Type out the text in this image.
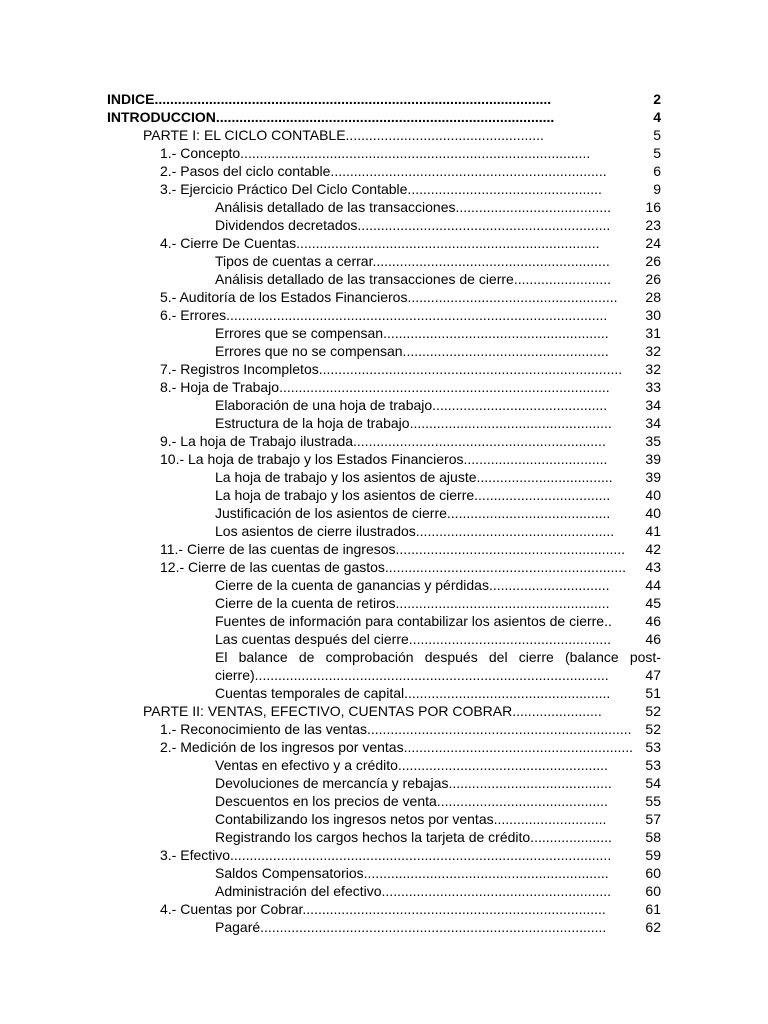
INDICE......................................................................................................	2
INTRODUCCION.......................................................................................	4
PARTE I: EL CICLO CONTABLE...................................................	5
1.- Concepto..........................................................................................	5
2.- Pasos del ciclo contable.......................................................................	6
3.- Ejercicio Práctico Del Ciclo Contable..................................................	9
Análisis detallado de las transacciones........................................ 16
Dividendos decretados.................................................................	23
4.- Cierre De Cuentas..............................................................................	24
Tipos de cuentas a cerrar.............................................................	26
Análisis detallado de las transacciones de cierre......................... 26
5.- Auditoría de los Estados Financieros...................................................... 28
6.- Errores..................................................................................................	30
Errores que se compensan..........................................................	31
Errores que no se compensan.....................................................	32
7.- Registros Incompletos.............................................................................. 32
8.- Hoja de Trabajo.....................................................................................	33
Elaboración de una hoja de trabajo.............................................	34
Estructura de la hoja de trabajo.................................................... 34
9.- La hoja de Trabajo ilustrada.................................................................	35
10.- La hoja de trabajo y los Estados Financieros.....................................	39
La hoja de trabajo y los asientos de ajuste................................... 39
La hoja de trabajo y los asientos de cierre...................................	40
Justificación de los asientos de cierre..........................................	40
Los asientos de cierre ilustrados................................................... 41
11.- Cierre de las cuentas de ingresos........................................................... 42
12.- Cierre de las cuentas de gastos.............................................................. 43
Cierre de la cuenta de ganancias y pérdidas...............................	44
Cierre de la cuenta de retiros.......................................................	45
Fuentes de información para contabilizar los asientos de cierre.. 46
Las cuentas después del cierre.................................................... 46
El balance de comprobación después del cierre (balance post-
cierre)...........................................................................................	47
Cuentas temporales de capital.....................................................	51
PARTE II: VENTAS, EFECTIVO, CUENTAS POR COBRAR.......................	52
1.- Reconocimiento de las ventas.................................................................... 52
2.- Medición de los ingresos por ventas........................................................... 53
Ventas en efectivo y a crédito......................................................	53
Devoluciones de mercancía y rebajas.......................................... 54
Descuentos en los precios de venta............................................	55
Contabilizando los ingresos netos por ventas.............................	57
Registrando los cargos hechos la tarjeta de crédito..................... 58
3.- Efectivo.................................................................................................. 59
Saldos Compensatorios...............................................................	60
Administración del efectivo........................................................... 60
4.- Cuentas por Cobrar..............................................................................	61
Pagaré.........................................................................................	62
